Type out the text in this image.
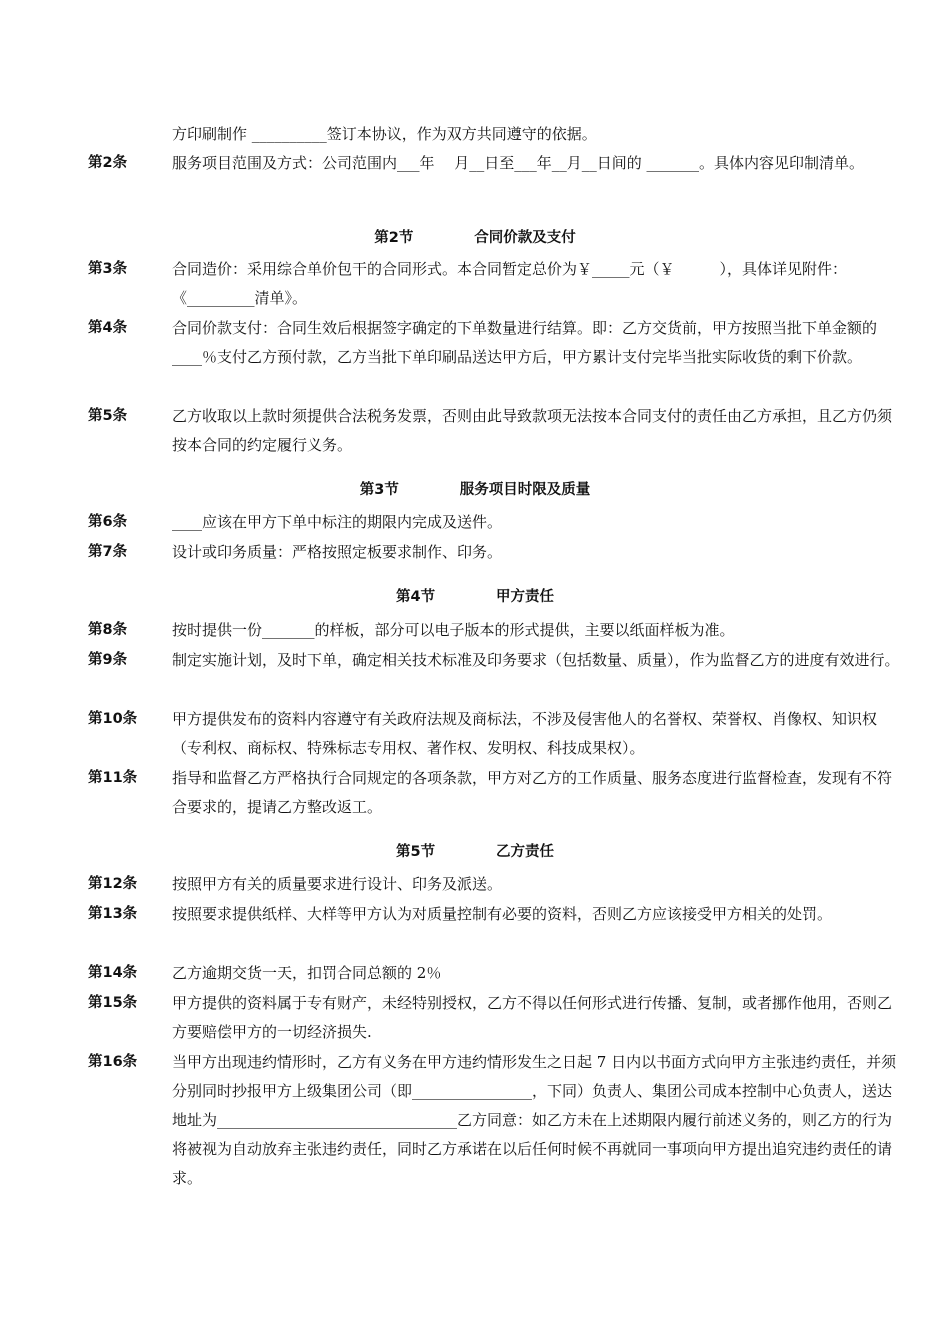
方印刷制作 __________签订本协议，作为双方共同遵守的依据。
第2条	服务项目范围及方式：公司范围内___年　 月__日至___年__月__日间的 _______。具体内容见印制清单。
第2节	合同价款及支付
第3条	合同造价：采用综合单价包干的合同形式。本合同暂定总价为￥_____元（￥　　　），具体详见附件：《_________清单》。
第4条	合同价款支付：合同生效后根据签字确定的下单数量进行结算。即：乙方交货前，甲方按照当批下单金额的____％支付乙方预付款，乙方当批下单印刷品送达甲方后，甲方累计支付完毕当批实际收货的剩下价款。
第5条	乙方收取以上款时须提供合法税务发票，否则由此导致款项无法按本合同支付的责任由乙方承担，且乙方仍须按本合同的约定履行义务。
第3节	服务项目时限及质量
第6条	____应该在甲方下单中标注的期限内完成及送件。
第7条	设计或印务质量：严格按照定板要求制作、印务。
第4节	甲方责任
第8条	按时提供一份_______的样板，部分可以电子版本的形式提供，主要以纸面样板为准。
第9条	制定实施计划，及时下单，确定相关技术标准及印务要求（包括数量、质量），作为监督乙方的进度有效进行。
第10条 甲方提供发布的资料内容遵守有关政府法规及商标法，不涉及侵害他人的名誉权、荣誉权、肖像权、知识权（专利权、商标权、特殊标志专用权、著作权、发明权、科技成果权）。
第11条 指导和监督乙方严格执行合同规定的各项条款，甲方对乙方的工作质量、服务态度进行监督检查，发现有不符合要求的，提请乙方整改返工。
第5节	乙方责任
第12条 按照甲方有关的质量要求进行设计、印务及派送。
第13条 按照要求提供纸样、大样等甲方认为对质量控制有必要的资料，否则乙方应该接受甲方相关的处罚。
第14条 乙方逾期交货一天，扣罚合同总额的 2％
第15条 甲方提供的资料属于专有财产，未经特别授权，乙方不得以任何形式进行传播、复制，或者挪作他用，否则乙方要赔偿甲方的一切经济损失.
第16条 当甲方出现违约情形时，乙方有义务在甲方违约情形发生之日起 7 日内以书面方式向甲方主张违约责任，并须分别同时抄报甲方上级集团公司（即________________，下同）负责人、集团公司成本控制中心负责人，送达地址为________________________________乙方同意：如乙方未在上述期限内履行前述义务的，则乙方的行为将被视为自动放弃主张违约责任，同时乙方承诺在以后任何时候不再就同一事项向甲方提出追究违约责任的请求。
